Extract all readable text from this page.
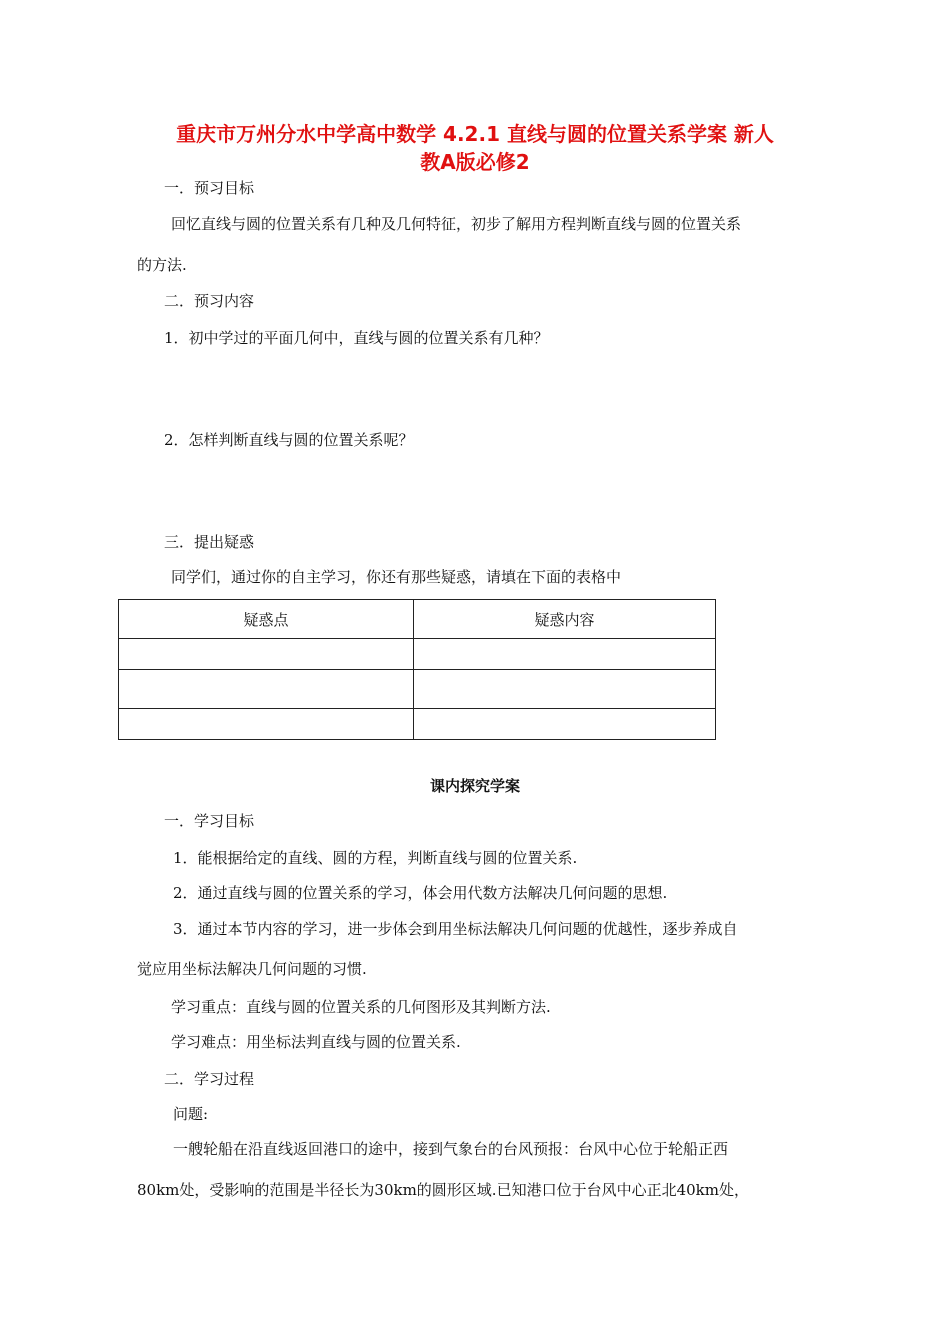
重庆市万州分水中学高中数学 4.2.1 直线与圆的位置关系学案 新人
教A版必修2
一．预习目标
回忆直线与圆的位置关系有几种及几何特征，初步了解用方程判断直线与圆的位置关系
的方法.
二．预习内容
1．初中学过的平面几何中，直线与圆的位置关系有几种？
2．怎样判断直线与圆的位置关系呢？
三．提出疑惑
同学们，通过你的自主学习，你还有那些疑惑，请填在下面的表格中
疑惑点	疑惑内容

课内探究学案
一．学习目标
1．能根据给定的直线、圆的方程，判断直线与圆的位置关系.
2．通过直线与圆的位置关系的学习，体会用代数方法解决几何问题的思想.
3．通过本节内容的学习，进一步体会到用坐标法解决几何问题的优越性，逐步养成自
觉应用坐标法解决几何问题的习惯.
学习重点：直线与圆的位置关系的几何图形及其判断方法.
学习难点：用坐标法判直线与圆的位置关系.
二．学习过程
问题:
一艘轮船在沿直线返回港口的途中，接到气象台的台风预报：台风中心位于轮船正西
80km处，受影响的范围是半径长为30km的圆形区域.已知港口位于台风中心正北40km处，
